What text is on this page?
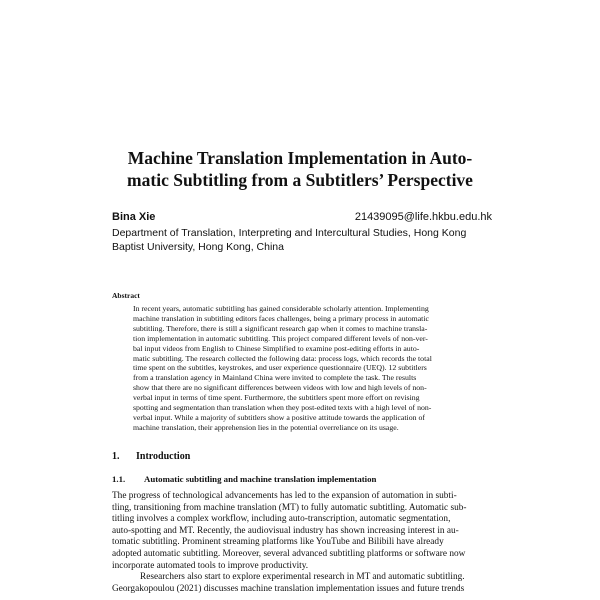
Machine Translation Implementation in Auto-
matic Subtitling from a Subtitlers’ Perspective
Bina Xie	21439095@life.hkbu.edu.hk
Department of Translation, Interpreting and Intercultural Studies, Hong Kong
Baptist University, Hong Kong, China
Abstract
In recent years, automatic subtitling has gained considerable scholarly attention. Implementing
machine translation in subtitling editors faces challenges, being a primary process in automatic
subtitling. Therefore, there is still a significant research gap when it comes to machine transla-
tion implementation in automatic subtitling. This project compared different levels of non-ver-
bal input videos from English to Chinese Simplified to examine post-editing efforts in auto-
matic subtitling. The research collected the following data: process logs, which records the total
time spent on the subtitles, keystrokes, and user experience questionnaire (UEQ). 12 subtitlers
from a translation agency in Mainland China were invited to complete the task. The results
show that there are no significant differences between videos with low and high levels of non-
verbal input in terms of time spent. Furthermore, the subtitlers spent more effort on revising
spotting and segmentation than translation when they post-edited texts with a high level of non-
verbal input. While a majority of subtitlers show a positive attitude towards the application of
machine translation, their apprehension lies in the potential overreliance on its usage.
1. Introduction
1.1. Automatic subtitling and machine translation implementation
The progress of technological advancements has led to the expansion of automation in subti-
tling, transitioning from machine translation (MT) to fully automatic subtitling. Automatic sub-
titling involves a complex workflow, including auto-transcription, automatic segmentation,
auto-spotting and MT. Recently, the audiovisual industry has shown increasing interest in au-
tomatic subtitling. Prominent streaming platforms like YouTube and Bilibili have already
adopted automatic subtitling. Moreover, several advanced subtitling platforms or software now
incorporate automated tools to improve productivity.
Researchers also start to explore experimental research in MT and automatic subtitling.
Georgakopoulou (2021) discusses machine translation implementation issues and future trends
